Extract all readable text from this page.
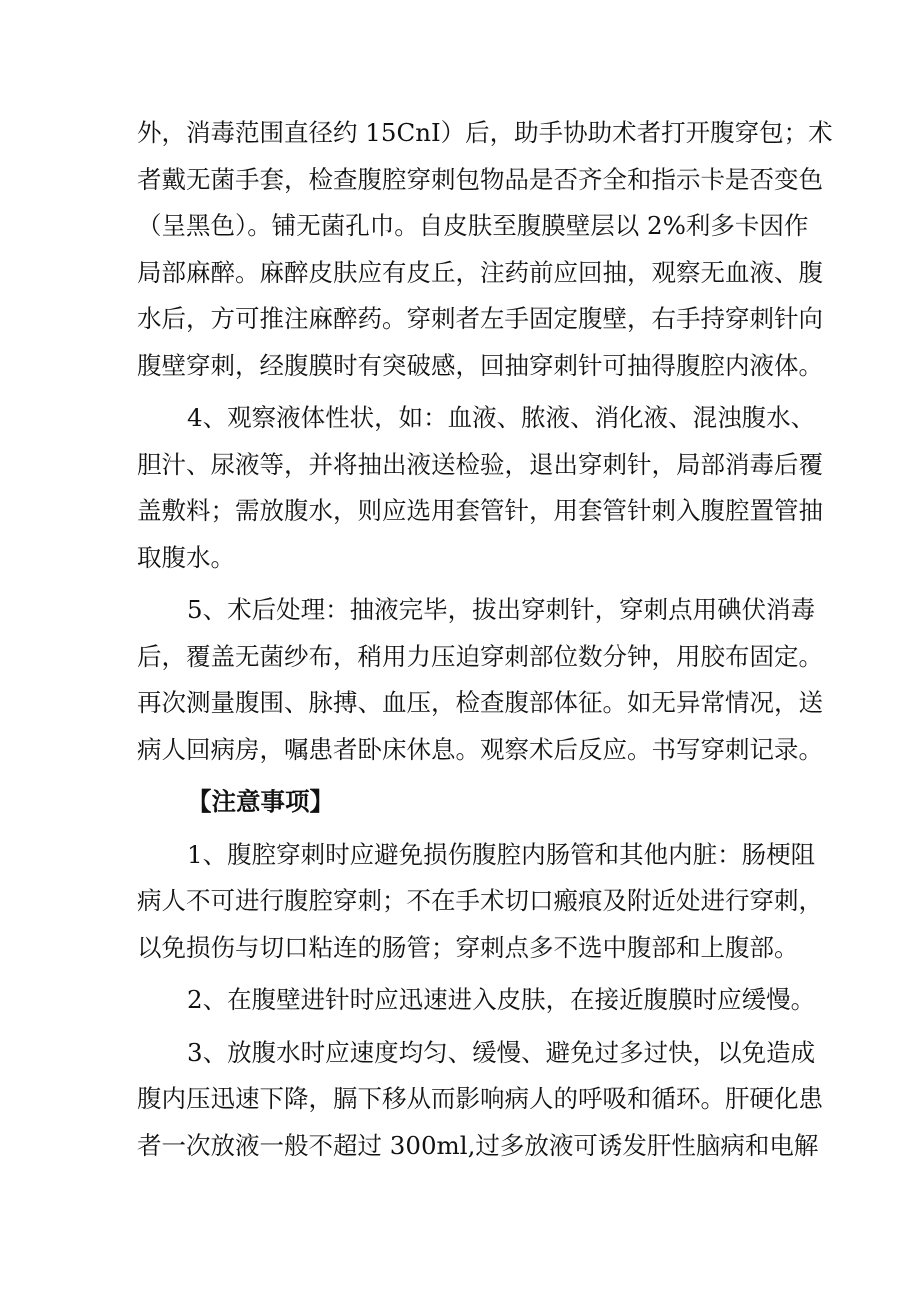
外，消毒范围直径约 15CnI）后，助手协助术者打开腹穿包；术
者戴无菌手套，检查腹腔穿刺包物品是否齐全和指示卡是否变色
（呈黑色）。铺无菌孔巾。自皮肤至腹膜壁层以 2%利多卡因作
局部麻醉。麻醉皮肤应有皮丘，注药前应回抽，观察无血液、腹
水后，方可推注麻醉药。穿刺者左手固定腹壁，右手持穿刺针向
腹壁穿刺，经腹膜时有突破感，回抽穿刺针可抽得腹腔内液体。

4、观察液体性状，如：血液、脓液、消化液、混浊腹水、
胆汁、尿液等，并将抽出液送检验，退出穿刺针，局部消毒后覆
盖敷料；需放腹水，则应选用套管针，用套管针刺入腹腔置管抽
取腹水。

5、术后处理：抽液完毕，拔出穿刺针，穿刺点用碘伏消毒
后，覆盖无菌纱布，稍用力压迫穿刺部位数分钟，用胶布固定。
再次测量腹围、脉搏、血压，检查腹部体征。如无异常情况，送
病人回病房，嘱患者卧床休息。观察术后反应。书写穿刺记录。

【注意事项】

1、腹腔穿刺时应避免损伤腹腔内肠管和其他内脏：肠梗阻
病人不可进行腹腔穿刺；不在手术切口瘢痕及附近处进行穿刺，
以免损伤与切口粘连的肠管；穿刺点多不选中腹部和上腹部。

2、在腹壁进针时应迅速进入皮肤，在接近腹膜时应缓慢。

3、放腹水时应速度均匀、缓慢、避免过多过快，以免造成
腹内压迅速下降，膈下移从而影响病人的呼吸和循环。肝硬化患
者一次放液一般不超过 300ml,过多放液可诱发肝性脑病和电解
